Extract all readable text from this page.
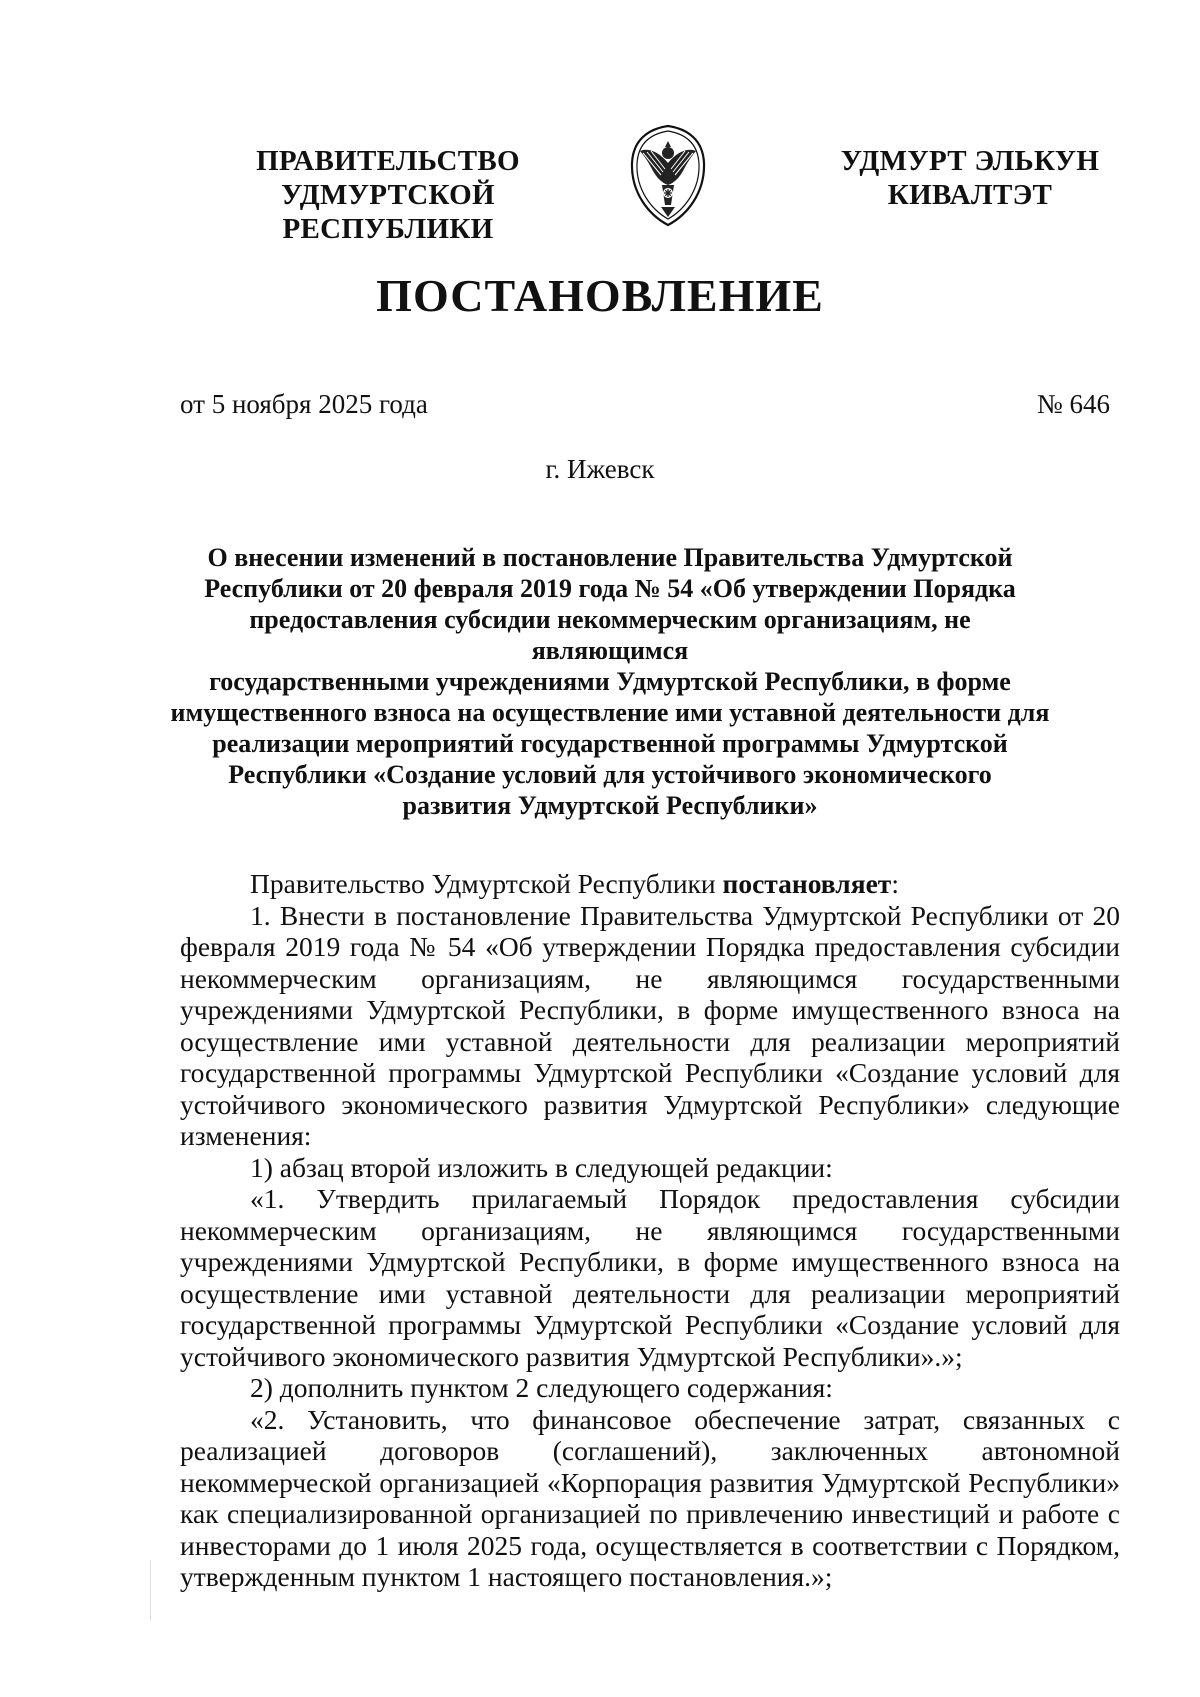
ПРАВИТЕЛЬСТВО
УДМУРТСКОЙ РЕСПУБЛИКИ
УДМУРТ ЭЛЬКУН
КИВАЛТЭТ
ПОСТАНОВЛЕНИЕ
от 5 ноября 2025 года	№ 646
г. Ижевск
О внесении изменений в постановление Правительства Удмуртской
Республики от 20 февраля 2019 года № 54 «Об утверждении Порядка
предоставления субсидии некоммерческим организациям, не являющимся
государственными учреждениями Удмуртской Республики, в форме
имущественного взноса на осуществление ими уставной деятельности для
реализации мероприятий государственной программы Удмуртской
Республики «Создание условий для устойчивого экономического
развития Удмуртской Республики»

Правительство Удмуртской Республики постановляет:

1. Внести в постановление Правительства Удмуртской Республики от 20 февраля 2019 года № 54 «Об утверждении Порядка предоставления субсидии некоммерческим организациям, не являющимся государственными учреждениями Удмуртской Республики, в форме имущественного взноса на осуществление ими уставной деятельности для реализации мероприятий государственной программы Удмуртской Республики «Создание условий для устойчивого экономического развития Удмуртской Республики» следующие изменения:

1) абзац второй изложить в следующей редакции:

«1. Утвердить прилагаемый Порядок предоставления субсидии некоммерческим организациям, не являющимся государственными учреждениями Удмуртской Республики, в форме имущественного взноса на осуществление ими уставной деятельности для реализации мероприятий государственной программы Удмуртской Республики «Создание условий для устойчивого экономического развития Удмуртской Республики».»;

2) дополнить пунктом 2 следующего содержания:

«2. Установить, что финансовое обеспечение затрат, связанных с реализацией договоров (соглашений), заключенных автономной некоммерческой организацией «Корпорация развития Удмуртской Республики» как специализированной организацией по привлечению инвестиций и работе с инвесторами до 1 июля 2025 года, осуществляется в соответствии с Порядком, утвержденным пунктом 1 настоящего постановления.»;
